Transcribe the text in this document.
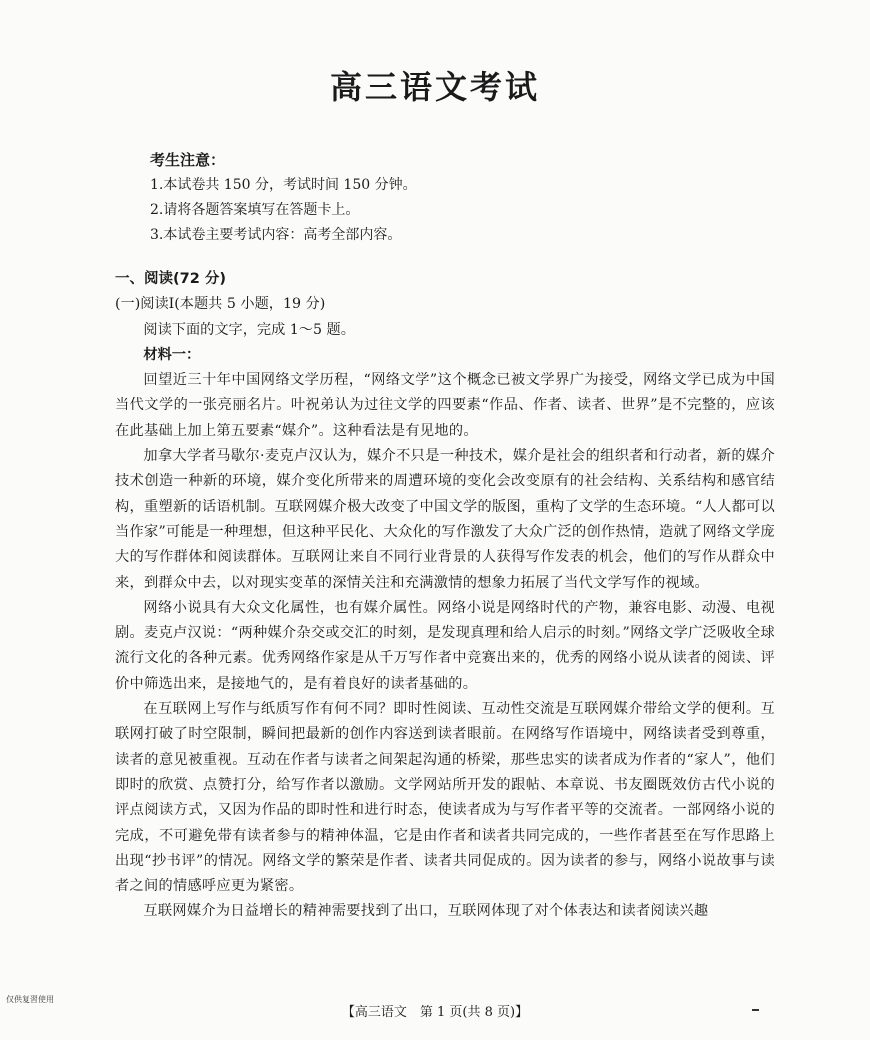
高三语文考试
考生注意：
1.本试卷共 150 分，考试时间 150 分钟。
2.请将各题答案填写在答题卡上。
3.本试卷主要考试内容：高考全部内容。
一、阅读(72 分)
(一)阅读Ⅰ(本题共 5 小题，19 分)
阅读下面的文字，完成 1～5 题。
材料一：

回望近三十年中国网络文学历程，“网络文学”这个概念已被文学界广为接受，网络文学已成为中国当代文学的一张亮丽名片。叶祝弟认为过往文学的四要素“作品、作者、读者、世界”是不完整的，应该在此基础上加上第五要素“媒介”。这种看法是有见地的。

加拿大学者马歇尔·麦克卢汉认为，媒介不只是一种技术，媒介是社会的组织者和行动者，新的媒介技术创造一种新的环境，媒介变化所带来的周遭环境的变化会改变原有的社会结构、关系结构和感官结构，重塑新的话语机制。互联网媒介极大改变了中国文学的版图，重构了文学的生态环境。“人人都可以当作家”可能是一种理想，但这种平民化、大众化的写作激发了大众广泛的创作热情，造就了网络文学庞大的写作群体和阅读群体。互联网让来自不同行业背景的人获得写作发表的机会，他们的写作从群众中来，到群众中去，以对现实变革的深情关注和充满激情的想象力拓展了当代文学写作的视域。

网络小说具有大众文化属性，也有媒介属性。网络小说是网络时代的产物，兼容电影、动漫、电视剧。麦克卢汉说：“两种媒介杂交或交汇的时刻，是发现真理和给人启示的时刻。”网络文学广泛吸收全球流行文化的各种元素。优秀网络作家是从千万写作者中竞赛出来的，优秀的网络小说从读者的阅读、评价中筛选出来，是接地气的，是有着良好的读者基础的。

在互联网上写作与纸质写作有何不同？即时性阅读、互动性交流是互联网媒介带给文学的便利。互联网打破了时空限制，瞬间把最新的创作内容送到读者眼前。在网络写作语境中，网络读者受到尊重，读者的意见被重视。互动在作者与读者之间架起沟通的桥梁，那些忠实的读者成为作者的“家人”，他们即时的欣赏、点赞打分，给写作者以激励。文学网站所开发的跟帖、本章说、书友圈既效仿古代小说的评点阅读方式，又因为作品的即时性和进行时态，使读者成为与写作者平等的交流者。一部网络小说的完成，不可避免带有读者参与的精神体温，它是由作者和读者共同完成的，一些作者甚至在写作思路上出现“抄书评”的情况。网络文学的繁荣是作者、读者共同促成的。因为读者的参与，网络小说故事与读者之间的情感呼应更为紧密。

互联网媒介为日益增长的精神需要找到了出口，互联网体现了对个体表达和读者阅读兴趣

仅供复習使用
【高三语文　第 1 页(共 8 页)】
